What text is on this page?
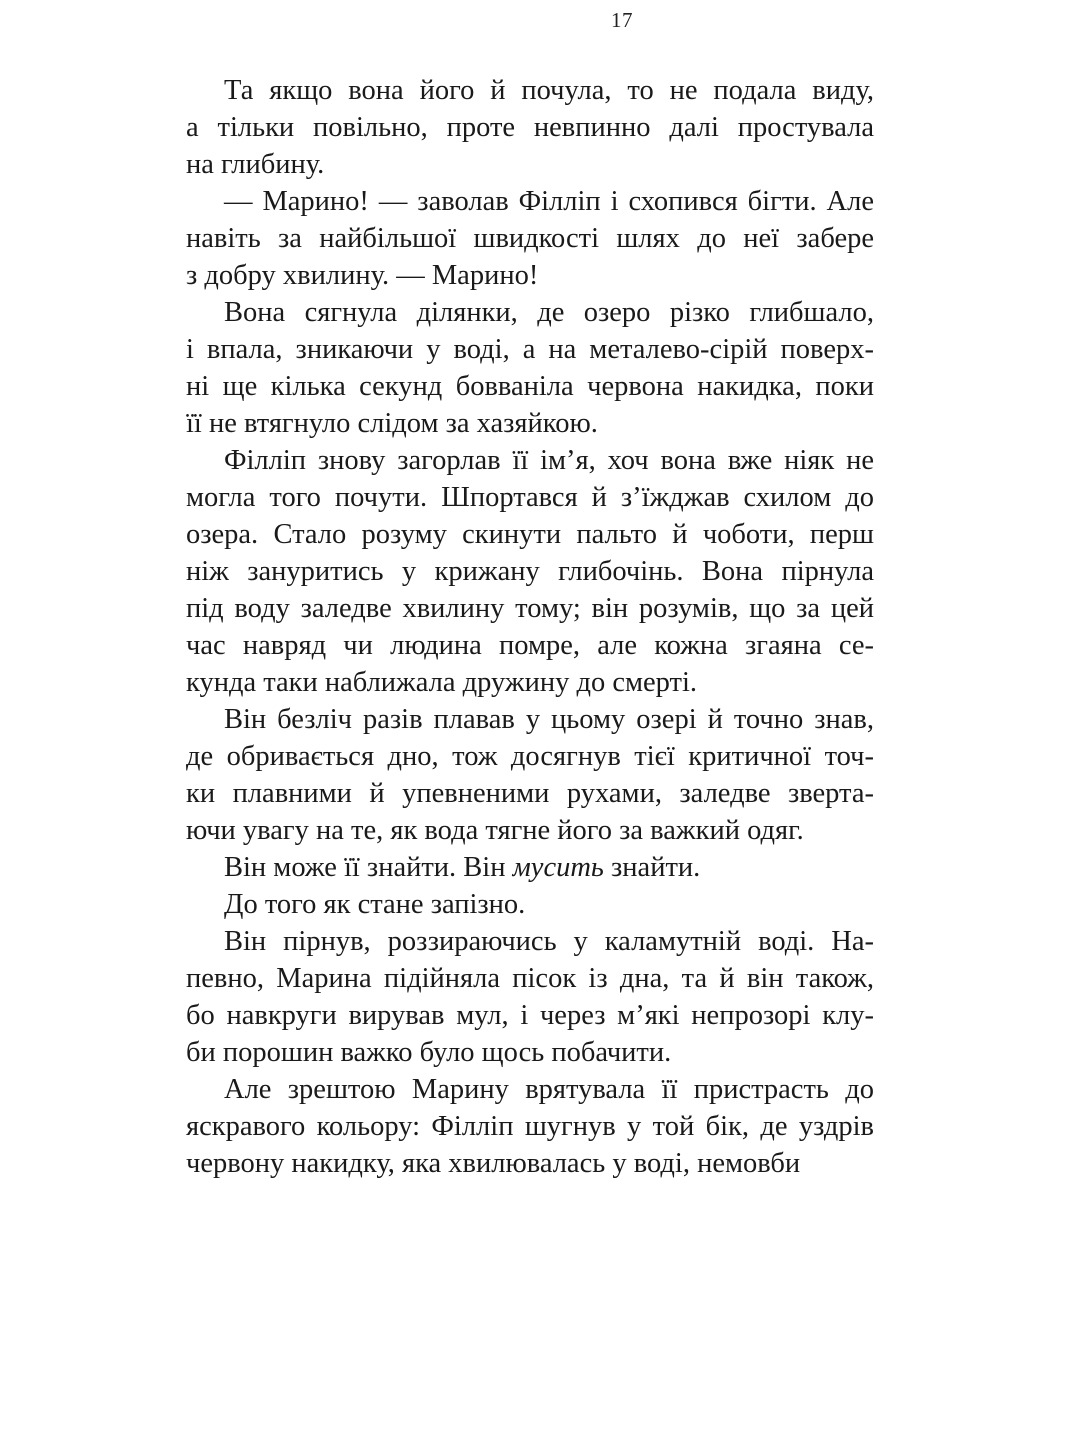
17

Та якщо вона його й почула, то не подала виду,
а тільки повільно, проте невпинно далі простувала
на глибину.

— Марино! — заволав Філліп і схопився бігти. Але
навіть за найбільшої швидкості шлях до неї забере
з добру хвилину. — Марино!

Вона сягнула ділянки, де озеро різко глибшало,
і впала, зникаючи у воді, а на металево-сірій поверх-
ні ще кілька секунд бовваніла червона накидка, поки
її не втягнуло слідом за хазяйкою.

Філліп знову загорлав її ім’я, хоч вона вже ніяк не
могла того почути. Шпортався й з’їжджав схилом до
озера. Стало розуму скинути пальто й чоботи, перш
ніж зануритись у крижану глибочінь. Вона пірнула
під воду заледве хвилину тому; він розумів, що за цей
час навряд чи людина помре, але кожна згаяна се-
кунда таки наближала дружину до смерті.

Він безліч разів плавав у цьому озері й точно знав,
де обривається дно, тож досягнув тієї критичної точ-
ки плавними й упевненими рухами, заледве зверта-
ючи увагу на те, як вода тягне його за важкий одяг.

Він може її знайти. Він мусить знайти.

До того як стане запізно.

Він пірнув, роззираючись у каламутній воді. На-
певно, Марина підійняла пісок із дна, та й він також,
бо навкруги вирував мул, і через м’які непрозорі клу-
би порошин важко було щось побачити.

Але зрештою Марину врятувала її пристрасть до
яскравого кольору: Філліп шугнув у той бік, де уздрів
червону накидку, яка хвилювалась у воді, немовби
